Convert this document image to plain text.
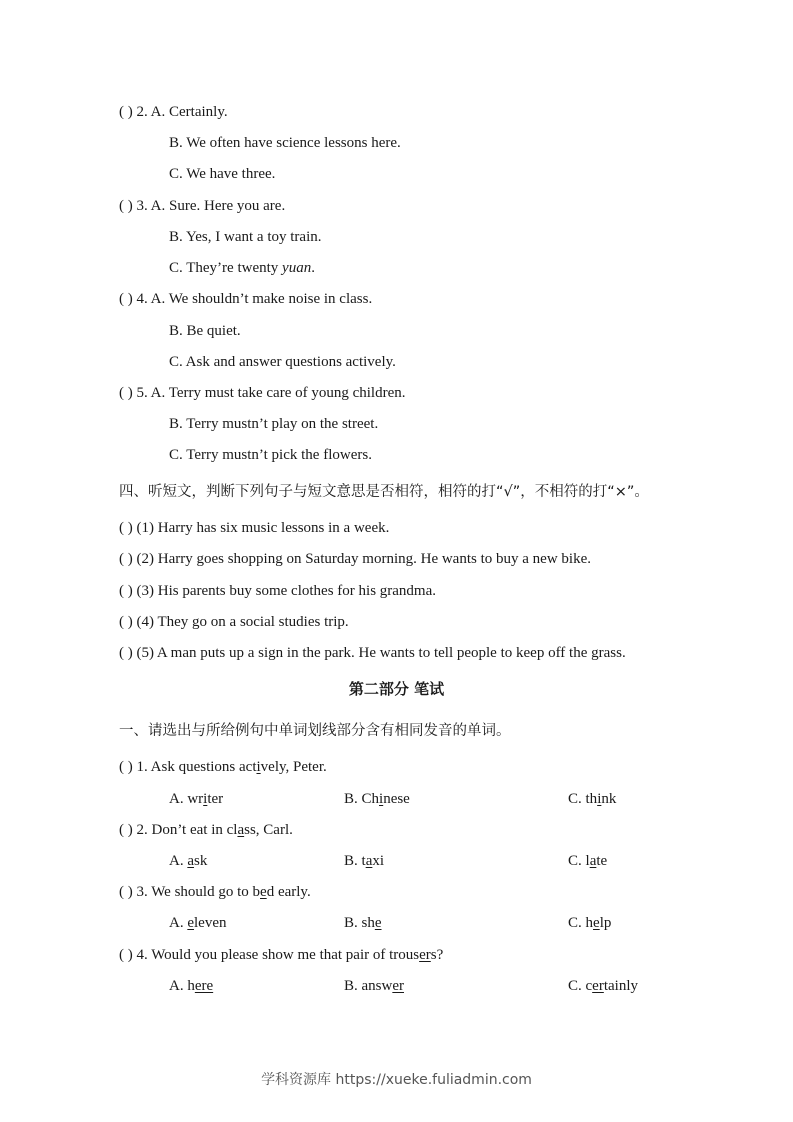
( ) 2. A. Certainly.
B. We often have science lessons here.
C. We have three.
( ) 3. A. Sure. Here you are.
B. Yes, I want a toy train.
C. They’re twenty yuan.
( ) 4. A. We shouldn’t make noise in class.
B. Be quiet.
C. Ask and answer questions actively.
( ) 5. A. Terry must take care of young children.
B. Terry mustn’t play on the street.
C. Terry mustn’t pick the flowers.
四、听短文，判断下列句子与短文意思是否相符，相符的打“√”，不相符的打“×”。
( ) (1) Harry has six music lessons in a week.
( ) (2) Harry goes shopping on Saturday morning. He wants to buy a new bike.
( ) (3) His parents buy some clothes for his grandma.
( ) (4) They go on a social studies trip.
( ) (5) A man puts up a sign in the park. He wants to tell people to keep off the grass.
第二部分 笔试
一、请选出与所给例句中单词划线部分含有相同发音的单词。
( ) 1. Ask questions actively, Peter.
A. writer	B. Chinese	C. think
( ) 2. Don’t eat in class, Carl.
A. ask	B. taxi	C. late
( ) 3. We should go to bed early.
A. eleven	B. she	C. help
( ) 4. Would you please show me that pair of trousers?
A. here	B. answer	C. certainly
学科资源库 https://xueke.fuliadmin.com
